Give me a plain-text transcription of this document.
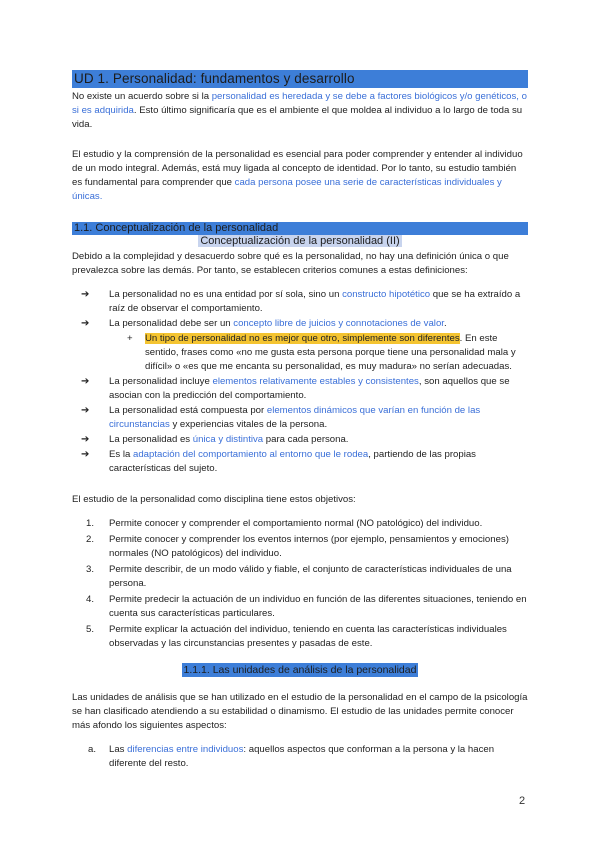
UD 1. Personalidad: fundamentos y desarrollo

No existe un acuerdo sobre si la personalidad es heredada y se debe a factores biológicos y/o genéticos, o si es adquirida. Esto último significaría que es el ambiente el que moldea al individuo a lo largo de toda su vida.

El estudio y la comprensión de la personalidad es esencial para poder comprender y entender al individuo de un modo integral. Además, está muy ligada al concepto de identidad. Por lo tanto, su estudio también es fundamental para comprender que cada persona posee una serie de características individuales y únicas.

1.1. Conceptualización de la personalidad
Conceptualización de la personalidad (II)

Debido a la complejidad y desacuerdo sobre qué es la personalidad, no hay una definición única o que prevalezca sobre las demás. Por tanto, se establecen criterios comunes a estas definiciones:

➔ La personalidad no es una entidad por sí sola, sino un constructo hipotético que se ha extraído a raíz de observar el comportamiento.
➔ La personalidad debe ser un concepto libre de juicios y connotaciones de valor.
+ Un tipo de personalidad no es mejor que otro, simplemente son diferentes. En este sentido, frases como «no me gusta esta persona porque tiene una personalidad mala y difícil» o «es que me encanta su personalidad, es muy madura» no serían adecuadas.
➔ La personalidad incluye elementos relativamente estables y consistentes, son aquellos que se asocian con la predicción del comportamiento.
➔ La personalidad está compuesta por elementos dinámicos que varían en función de las circunstancias y experiencias vitales de la persona.
➔ La personalidad es única y distintiva para cada persona.
➔ Es la adaptación del comportamiento al entorno que le rodea, partiendo de las propias características del sujeto.

El estudio de la personalidad como disciplina tiene estos objetivos:

1. Permite conocer y comprender el comportamiento normal (NO patológico) del individuo.
2. Permite conocer y comprender los eventos internos (por ejemplo, pensamientos y emociones) normales (NO patológicos) del individuo.
3. Permite describir, de un modo válido y fiable, el conjunto de características individuales de una persona.
4. Permite predecir la actuación de un individuo en función de las diferentes situaciones, teniendo en cuenta sus características particulares.
5. Permite explicar la actuación del individuo, teniendo en cuenta las características individuales observadas y las circunstancias presentes y pasadas de este.
1.1.1. Las unidades de análisis de la personalidad

Las unidades de análisis que se han utilizado en el estudio de la personalidad en el campo de la psicología se han clasificado atendiendo a su estabilidad o dinamismo. El estudio de las unidades permite conocer más afondo los siguientes aspectos:

a. Las diferencias entre individuos: aquellos aspectos que conforman a la persona y la hacen diferente del resto.
2
